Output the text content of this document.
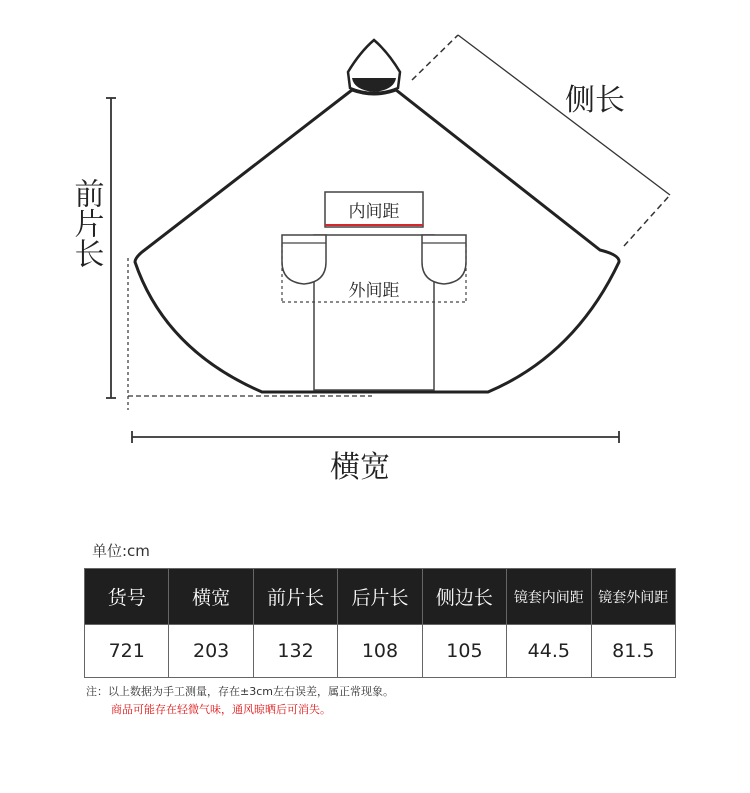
侧长
内间距
外间距
横宽
前片长
单位:cm
货号	横宽	前片长	后片长	侧边长	镜套内间距	镜套外间距
721	203	132	108	105	44.5	81.5
注：以上数据为手工测量，存在±3cm左右误差，属正常现象。
商品可能存在轻微气味，通风晾晒后可消失。
